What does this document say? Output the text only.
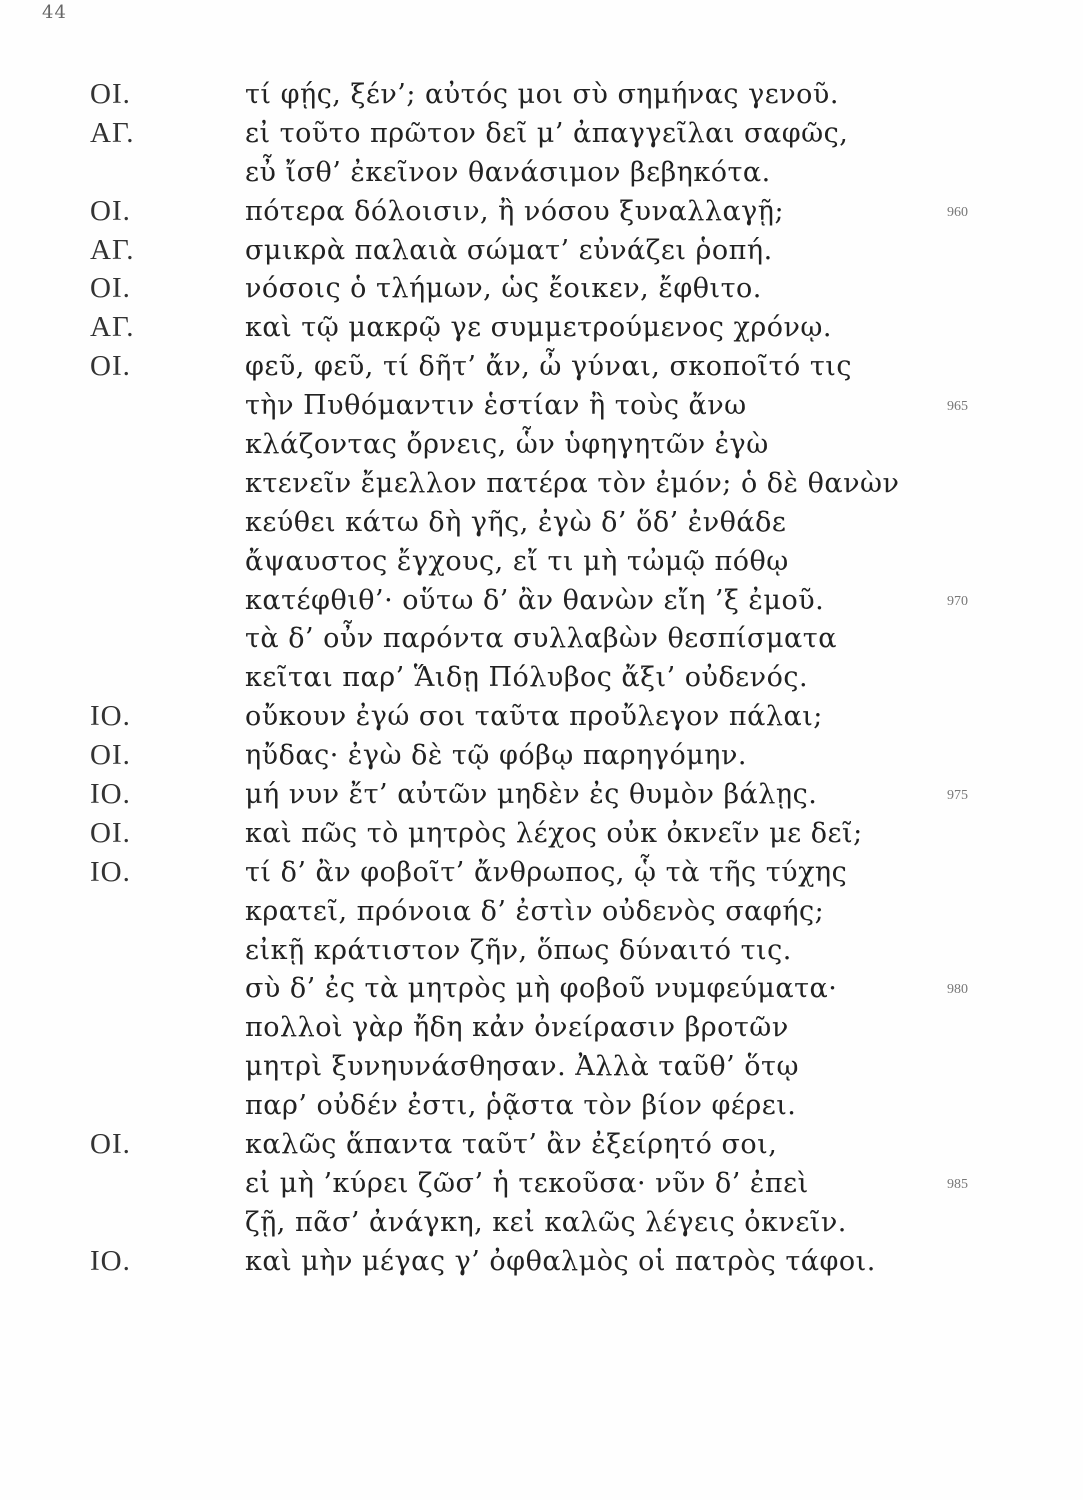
44
ΟΙ.	τί φῄς, ξέν’; αὐτός μοι σὺ σημήνας γενοῦ.
ΑΓ.	εἰ τοῦτο πρῶτον δεῖ μ’ ἀπαγγεῖλαι σαφῶς,
εὖ ἴσθ’ ἐκεῖνον θανάσιμον βεβηκότα.
ΟΙ.	πότερα δόλοισιν, ἢ νόσου ξυναλλαγῇ;	960
ΑΓ.	σμικρὰ παλαιὰ σώματ’ εὐνάζει ῥοπή.
ΟΙ.	νόσοις ὁ τλήμων, ὡς ἔοικεν, ἔφθιτο.
ΑΓ.	καὶ τῷ μακρῷ γε συμμετρούμενος χρόνῳ.
ΟΙ.	φεῦ, φεῦ, τί δῆτ’ ἄν, ὦ γύναι, σκοποῖτό τις
τὴν Πυθόμαντιν ἑστίαν ἢ τοὺς ἄνω	965
κλάζοντας ὄρνεις, ὧν ὑφηγητῶν ἐγὼ
κτενεῖν ἔμελλον πατέρα τὸν ἐμόν; ὁ δὲ θανὼν
κεύθει κάτω δὴ γῆς, ἐγὼ δ’ ὅδ’ ἐνθάδε
ἄψαυστος ἔγχους, εἴ τι μὴ τὠμῷ πόθῳ
κατέφθιθ’· οὕτω δ’ ἂν θανὼν εἴη ’ξ ἐμοῦ.	970
τὰ δ’ οὖν παρόντα συλλαβὼν θεσπίσματα
κεῖται παρ’ Ἅιδῃ Πόλυβος ἄξι’ οὐδενός.
ΙΟ.	οὔκουν ἐγώ σοι ταῦτα προὔλεγον πάλαι;
ΟΙ.	ηὔδας· ἐγὼ δὲ τῷ φόβῳ παρηγόμην.
ΙΟ.	μή νυν ἔτ’ αὐτῶν μηδὲν ἐς θυμὸν βάλῃς.	975
ΟΙ.	καὶ πῶς τὸ μητρὸς λέχος οὐκ ὀκνεῖν με δεῖ;
ΙΟ.	τί δ’ ἂν φοβοῖτ’ ἄνθρωπος, ᾧ τὰ τῆς τύχης
κρατεῖ, πρόνοια δ’ ἐστὶν οὐδενὸς σαφής;
εἰκῇ κράτιστον ζῆν, ὅπως δύναιτό τις.
σὺ δ’ ἐς τὰ μητρὸς μὴ φοβοῦ νυμφεύματα·	980
πολλοὶ γὰρ ἤδη κἀν ὀνείρασιν βροτῶν
μητρὶ ξυνηυνάσθησαν. Ἀλλὰ ταῦθ’ ὅτῳ
παρ’ οὐδέν ἐστι, ῥᾷστα τὸν βίον φέρει.
ΟΙ.	καλῶς ἅπαντα ταῦτ’ ἂν ἐξείρητό σοι,
εἰ μὴ ’κύρει ζῶσ’ ἡ τεκοῦσα· νῦν δ’ ἐπεὶ	985
ζῇ, πᾶσ’ ἀνάγκη, κεἰ καλῶς λέγεις ὀκνεῖν.
ΙΟ.	καὶ μὴν μέγας γ’ ὀφθαλμὸς οἱ πατρὸς τάφοι.
